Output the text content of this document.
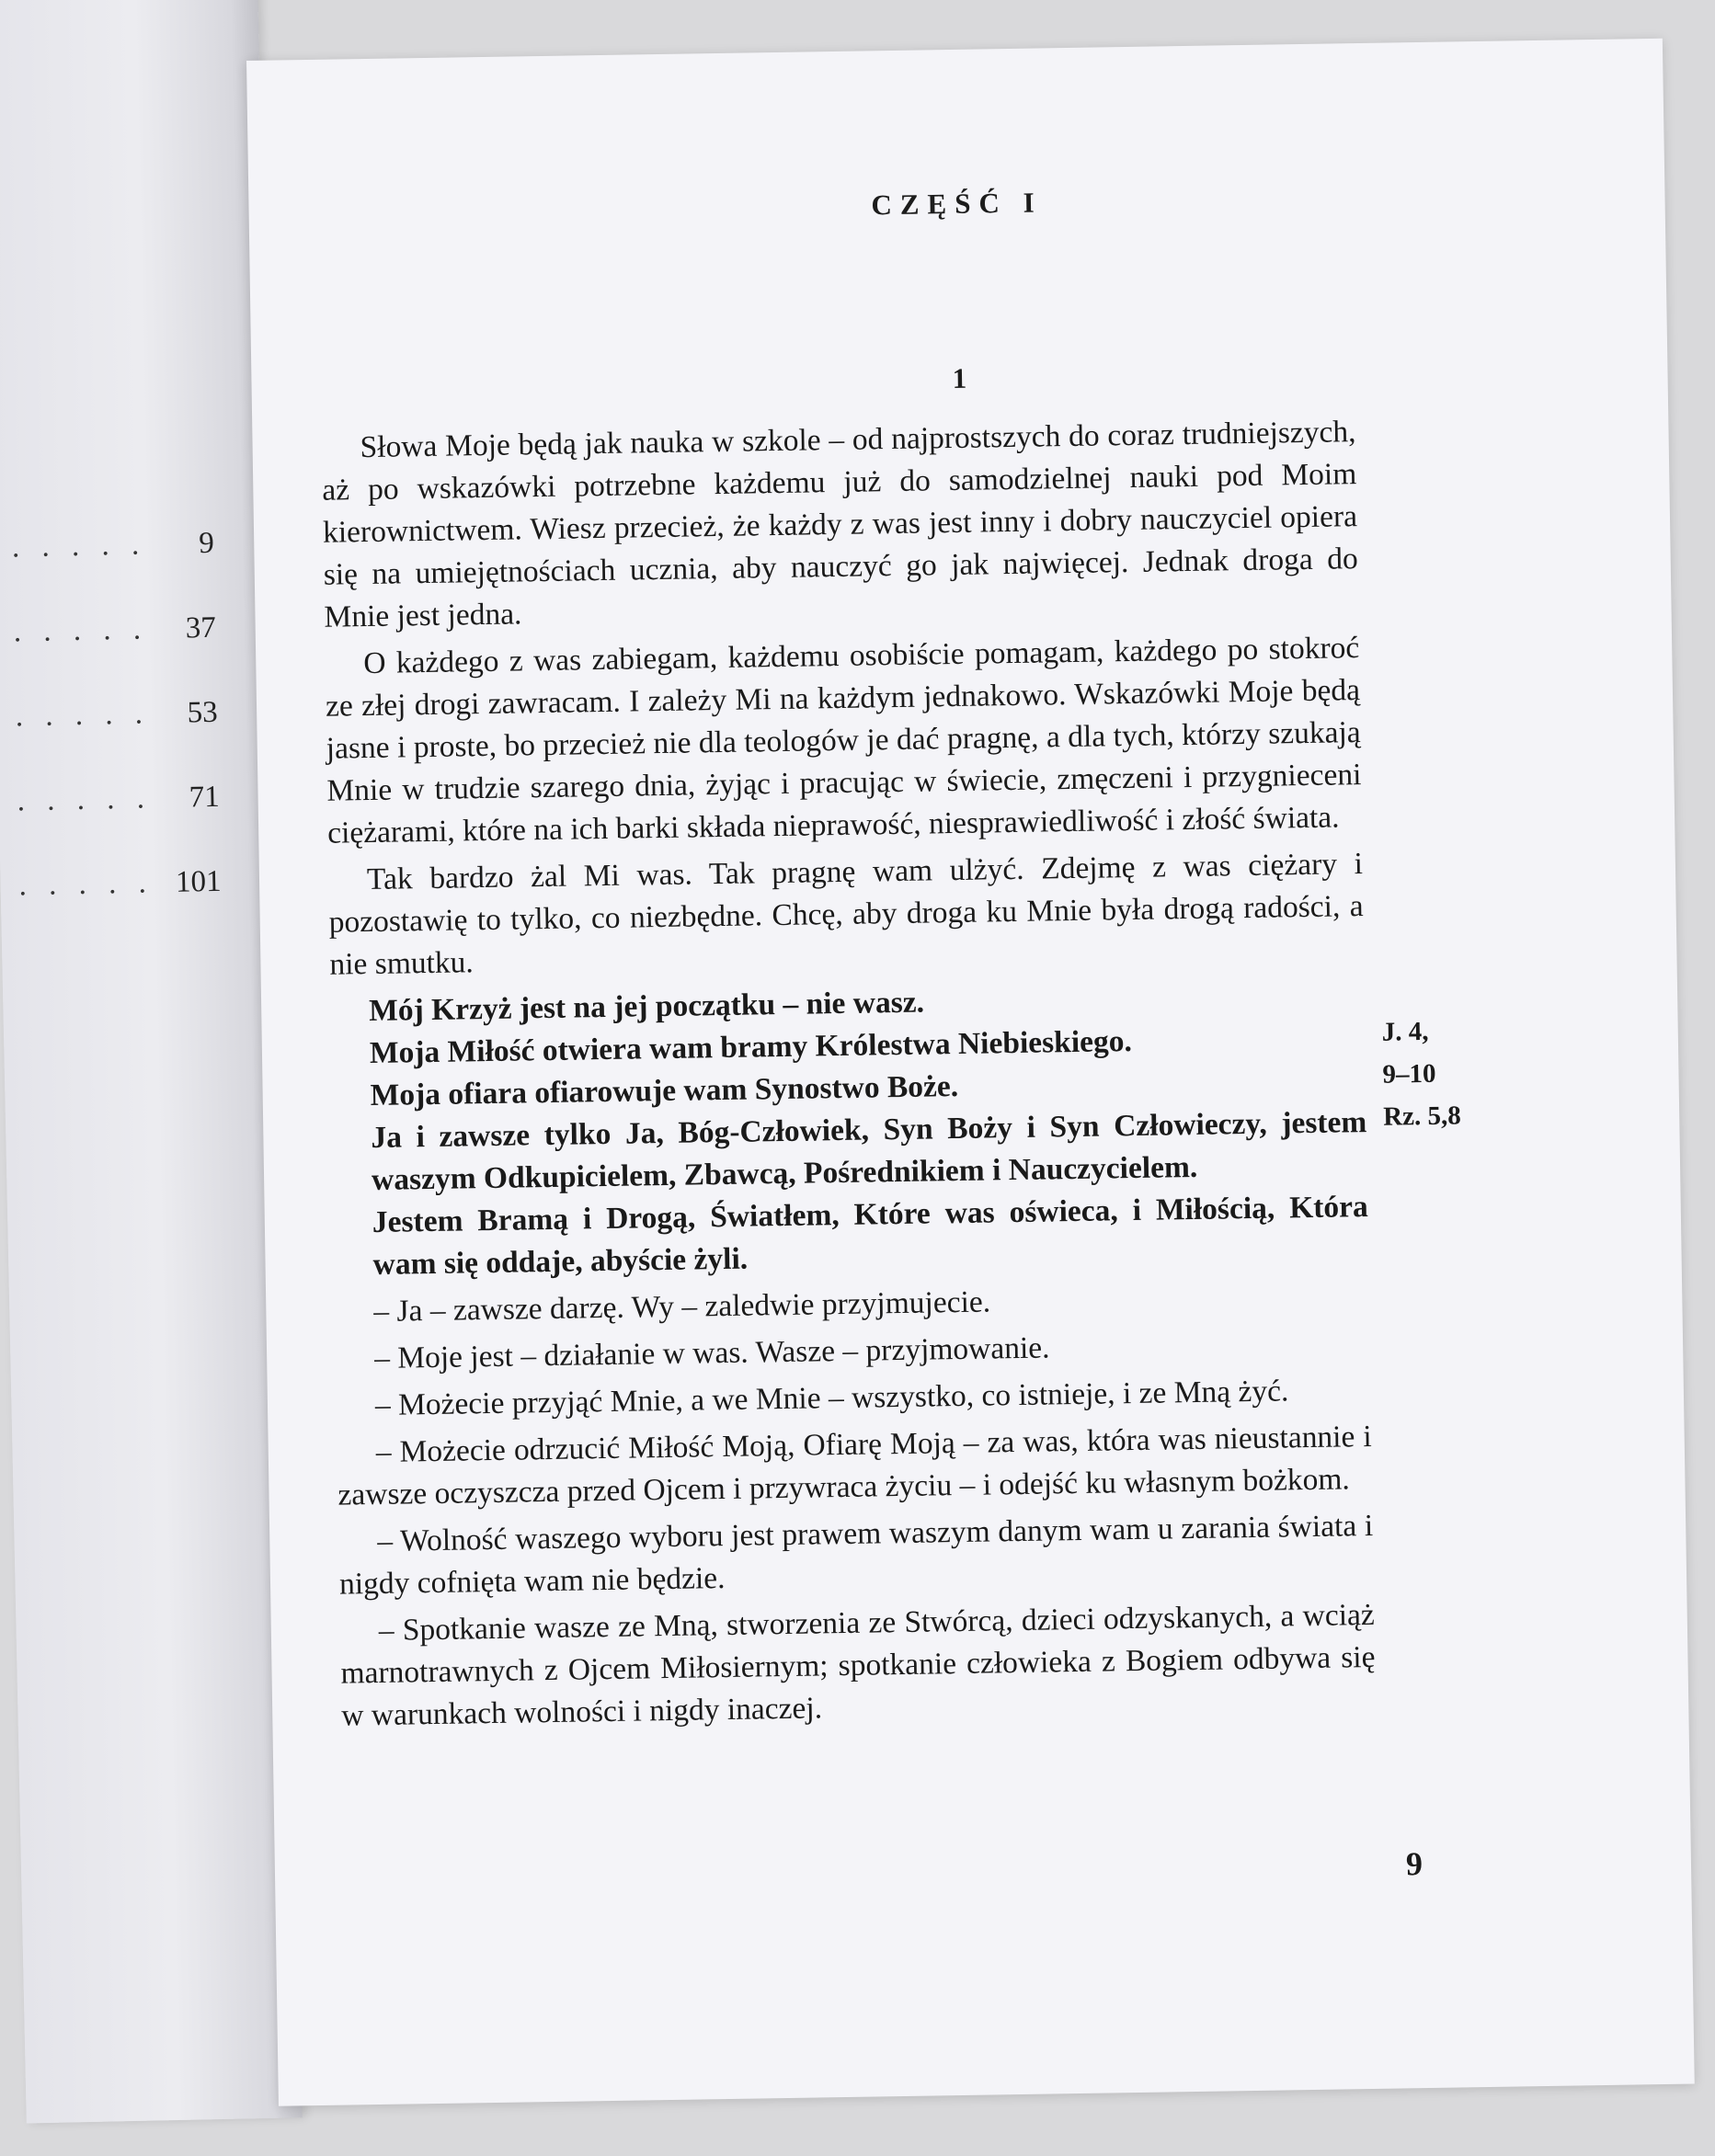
. . . . . 9
. . . . . 37
. . . . . 53
. . . . . 71
. . . . . 101
CZĘŚĆ I
1

Słowa Moje będą jak nauka w szkole – od najprostszych do coraz trudniejszych, aż po wskazówki potrzebne każdemu już do samodzielnej nauki pod Moim kierownictwem. Wiesz przecież, że każdy z was jest inny i dobry nauczyciel opiera się na umiejętnościach ucznia, aby nauczyć go jak najwięcej. Jednak droga do Mnie jest jedna.

O każdego z was zabiegam, każdemu osobiście pomagam, każdego po stokroć ze złej drogi zawracam. I zależy Mi na każdym jednakowo. Wskazówki Moje będą jasne i proste, bo przecież nie dla teologów je dać pragnę, a dla tych, którzy szukają Mnie w trudzie szarego dnia, żyjąc i pracując w świecie, zmęczeni i przygnieceni ciężarami, które na ich barki składa nieprawość, niesprawiedliwość i złość świata.

Tak bardzo żal Mi was. Tak pragnę wam ulżyć. Zdejmę z was ciężary i pozostawię to tylko, co niezbędne. Chcę, aby droga ku Mnie była drogą radości, a nie smutku.

Mój Krzyż jest na jej początku – nie wasz.
Moja Miłość otwiera wam bramy Królestwa Niebieskiego.
Moja ofiara ofiarowuje wam Synostwo Boże.
Ja i zawsze tylko Ja, Bóg-Człowiek, Syn Boży i Syn Człowieczy, jestem waszym Odkupicielem, Zbawcą, Pośrednikiem i Nauczycielem.
Jestem Bramą i Drogą, Światłem, Które was oświeca, i Miłością, Która wam się oddaje, abyście żyli.

– Ja – zawsze darzę. Wy – zaledwie przyjmujecie.

– Moje jest – działanie w was. Wasze – przyjmowanie.

– Możecie przyjąć Mnie, a we Mnie – wszystko, co istnieje, i ze Mną żyć.

– Możecie odrzucić Miłość Moją, Ofiarę Moją – za was, która was nieustannie i zawsze oczyszcza przed Ojcem i przywraca życiu – i odejść ku własnym bożkom.

– Wolność waszego wyboru jest prawem waszym danym wam u zarania świata i nigdy cofnięta wam nie będzie.

– Spotkanie wasze ze Mną, stworzenia ze Stwórcą, dzieci odzyskanych, a wciąż marnotrawnych z Ojcem Miłosiernym; spotkanie człowieka z Bogiem odbywa się w warunkach wolności i nigdy inaczej.

J. 4,
9–10
Rz. 5,8
9
